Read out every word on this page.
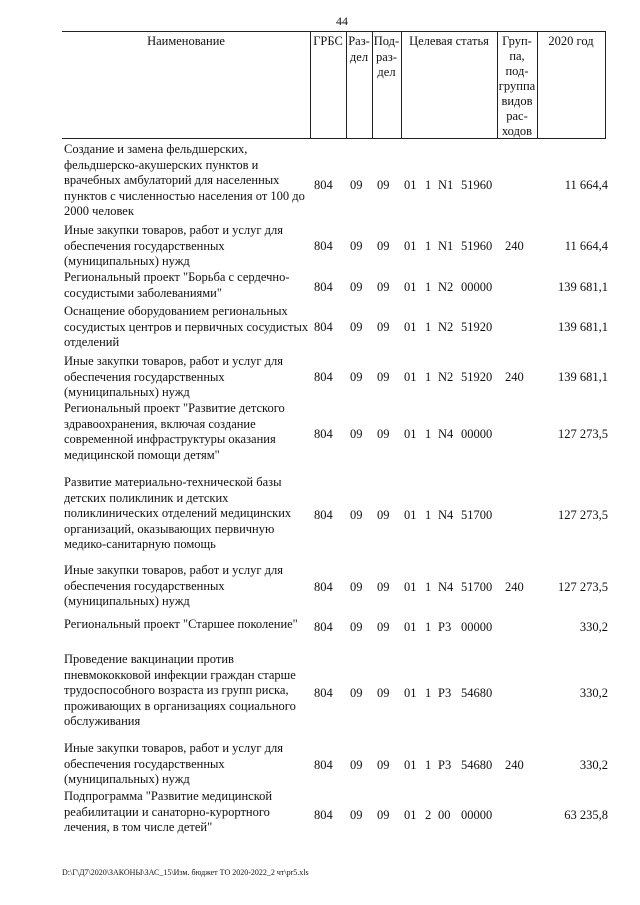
44
Наименование	ГРБС Раз-
дел
Под-
раз-
дел
Целевая статья	Груп-
па,
под-
группа
видов
рас-
ходов
2020 год
Создание и замена фельдшерских, фельдшерско-акушерских пунктов и врачебных амбулаторий для населенных пунктов с численностью населения от 100 до 2000 человек
804 09 09 01 1 N1 51960	11 664,4
Иные закупки товаров, работ и услуг для обеспечения государственных (муниципальных) нужд
804 09 09 01 1 N1 51960 240	11 664,4
Региональный проект "Борьба с сердечно-сосудистыми заболеваниями"	804 09 09 01 1 N2 00000	139 681,1
Оснащение оборудованием региональных сосудистых центров и первичных сосудистых отделений
804 09 09 01 1 N2 51920	139 681,1
Иные закупки товаров, работ и услуг для обеспечения государственных (муниципальных) нужд
804 09 09 01 1 N2 51920 240	139 681,1
Региональный проект "Развитие детского здравоохранения, включая создание современной инфраструктуры оказания медицинской помощи детям"
804 09 09 01 1 N4 00000	127 273,5
Развитие материально-технической базы детских поликлиник и детских поликлинических отделений медицинских организаций, оказывающих первичную медико-санитарную помощь
804 09 09 01 1 N4 51700	127 273,5
Иные закупки товаров, работ и услуг для обеспечения государственных (муниципальных) нужд
804 09 09 01 1 N4 51700 240	127 273,5
Региональный проект "Старшее поколение"	804 09 09 01 1 P3 00000	330,2
Проведение вакцинации против пневмококковой инфекции граждан старше трудоспособного возраста из групп риска, проживающих в организациях социального обслуживания
804 09 09 01 1 P3 54680	330,2
Иные закупки товаров, работ и услуг для обеспечения государственных (муниципальных) нужд
804 09 09 01 1 P3 54680 240	330,2
Подпрограмма "Развитие медицинской реабилитации и санаторно-курортного лечения, в том числе детей"
804 09 09 01 2 00 00000	63 235,8
D:\Г\Д7\2020\ЗАКОНЫ\ЗАС_15\Изм. бюджет ТО 2020-2022_2 чт\pr5.xls
